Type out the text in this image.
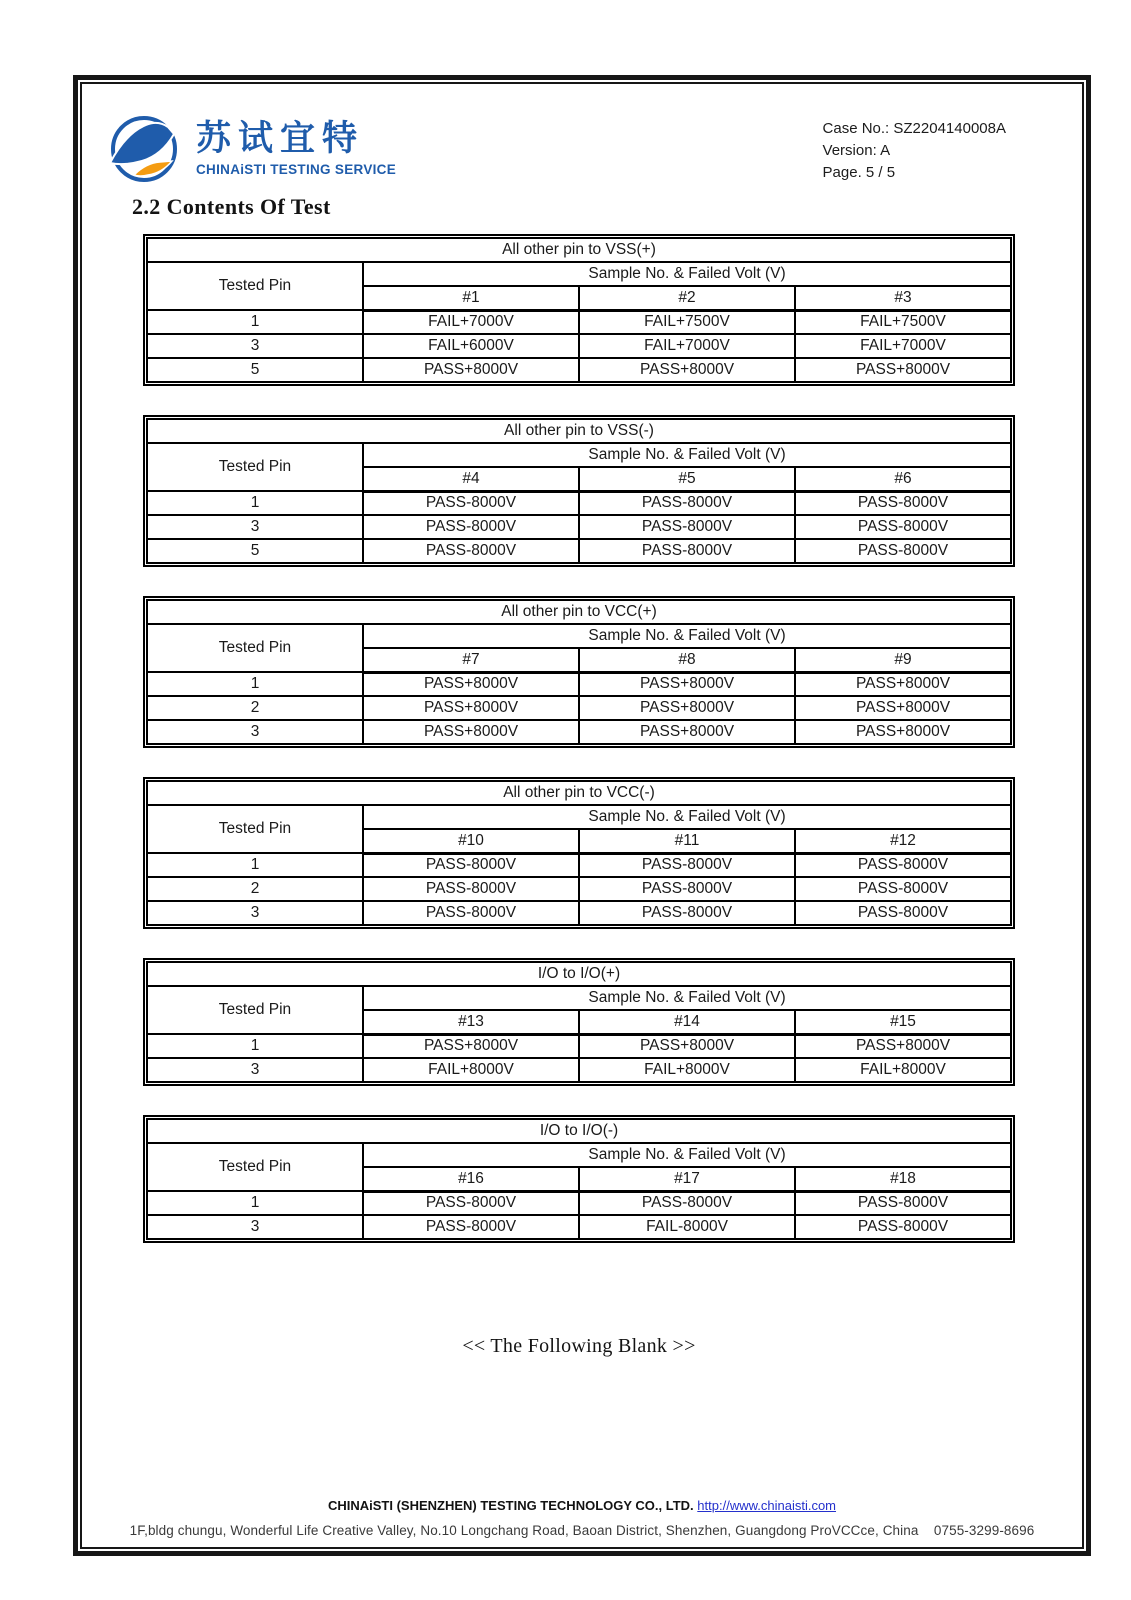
苏试宜特
CHINAiSTI TESTING SERVICE
Case No.: SZ2204140008A
Version: A
Page. 5 / 5
2.2 Contents Of Test
All other pin to VSS(+)			
Tested Pin	Sample No. & Failed Volt (V)		
	#1	#2	#3
1	FAIL+7000V	FAIL+7500V	FAIL+7500V
3	FAIL+6000V	FAIL+7000V	FAIL+7000V
5	PASS+8000V	PASS+8000V	PASS+8000V
All other pin to VSS(-)			
Tested Pin	Sample No. & Failed Volt (V)		
	#4	#5	#6
1	PASS-8000V	PASS-8000V	PASS-8000V
3	PASS-8000V	PASS-8000V	PASS-8000V
5	PASS-8000V	PASS-8000V	PASS-8000V
All other pin to VCC(+)			
Tested Pin	Sample No. & Failed Volt (V)		
	#7	#8	#9
1	PASS+8000V	PASS+8000V	PASS+8000V
2	PASS+8000V	PASS+8000V	PASS+8000V
3	PASS+8000V	PASS+8000V	PASS+8000V
All other pin to VCC(-)			
Tested Pin	Sample No. & Failed Volt (V)		
	#10	#11	#12
1	PASS-8000V	PASS-8000V	PASS-8000V
2	PASS-8000V	PASS-8000V	PASS-8000V
3	PASS-8000V	PASS-8000V	PASS-8000V
I/O to I/O(+)			
Tested Pin	Sample No. & Failed Volt (V)		
	#13	#14	#15
1	PASS+8000V	PASS+8000V	PASS+8000V
3	FAIL+8000V	FAIL+8000V	FAIL+8000V
I/O to I/O(-)			
Tested Pin	Sample No. & Failed Volt (V)		
	#16	#17	#18
1	PASS-8000V	PASS-8000V	PASS-8000V
3	PASS-8000V	FAIL-8000V	PASS-8000V
<< The Following Blank >>
CHINAiSTI (SHENZHEN) TESTING TECHNOLOGY CO., LTD. http://www.chinaisti.com
1F,bldg chungu, Wonderful Life Creative Valley, No.10 Longchang Road, Baoan District, Shenzhen, Guangdong ProVCCce, China    0755-3299-8696
